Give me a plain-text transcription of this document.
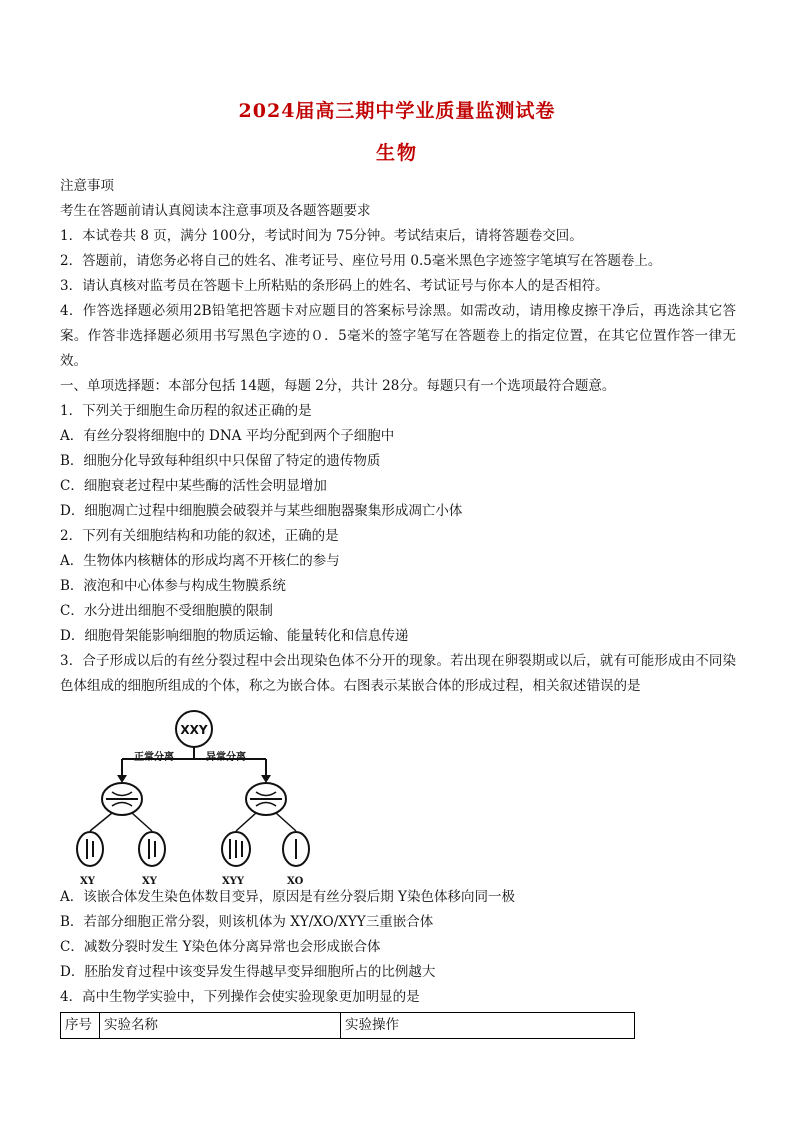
2024届高三期中学业质量监测试卷
生物
注意事项
考生在答题前请认真阅读本注意事项及各题答题要求
1．本试卷共 8 页，满分 100分，考试时间为 75分钟。考试结束后，请将答题卷交回。
2．答题前，请您务必将自己的姓名、准考证号、座位号用 0.5毫米黑色字迹签字笔填写在答题卷上。
3．请认真核对监考员在答题卡上所粘贴的条形码上的姓名、考试证号与你本人的是否相符。
4．作答选择题必须用2B铅笔把答题卡对应题目的答案标号涂黑。如需改动，请用橡皮擦干净后，再选涂其它答案。作答非选择题必须用书写黑色字迹的０．5毫米的签字笔写在答题卷上的指定位置，在其它位置作答一律无效。
一、单项选择题：本部分包括 14题，每题 2分，共计 28分。每题只有一个选项最符合题意。
1．下列关于细胞生命历程的叙述正确的是
A．有丝分裂将细胞中的 DNA 平均分配到两个子细胞中
B．细胞分化导致每种组织中只保留了特定的遗传物质
C．细胞衰老过程中某些酶的活性会明显增加
D．细胞凋亡过程中细胞膜会破裂并与某些细胞器聚集形成凋亡小体
2．下列有关细胞结构和功能的叙述，正确的是
A．生物体内核糖体的形成均离不开核仁的参与
B．液泡和中心体参与构成生物膜系统
C．水分进出细胞不受细胞膜的限制
D．细胞骨架能影响细胞的物质运输、能量转化和信息传递
3．合子形成以后的有丝分裂过程中会出现染色体不分开的现象。若出现在卵裂期或以后，就有可能形成由不同染色体组成的细胞所组成的个体，称之为嵌合体。右图表示某嵌合体的形成过程，相关叙述错误的是
XXY
正常分离	异常分离
XY	XY	XYY	XO
A．该嵌合体发生染色体数目变异，原因是有丝分裂后期 Y染色体移向同一极
B．若部分细胞正常分裂，则该机体为 XY/XO/XYY三重嵌合体
C．减数分裂时发生 Y染色体分离异常也会形成嵌合体
D．胚胎发育过程中该变异发生得越早变异细胞所占的比例越大
4．高中生物学实验中，下列操作会使实验现象更加明显的是
序号	实验名称	实验操作
